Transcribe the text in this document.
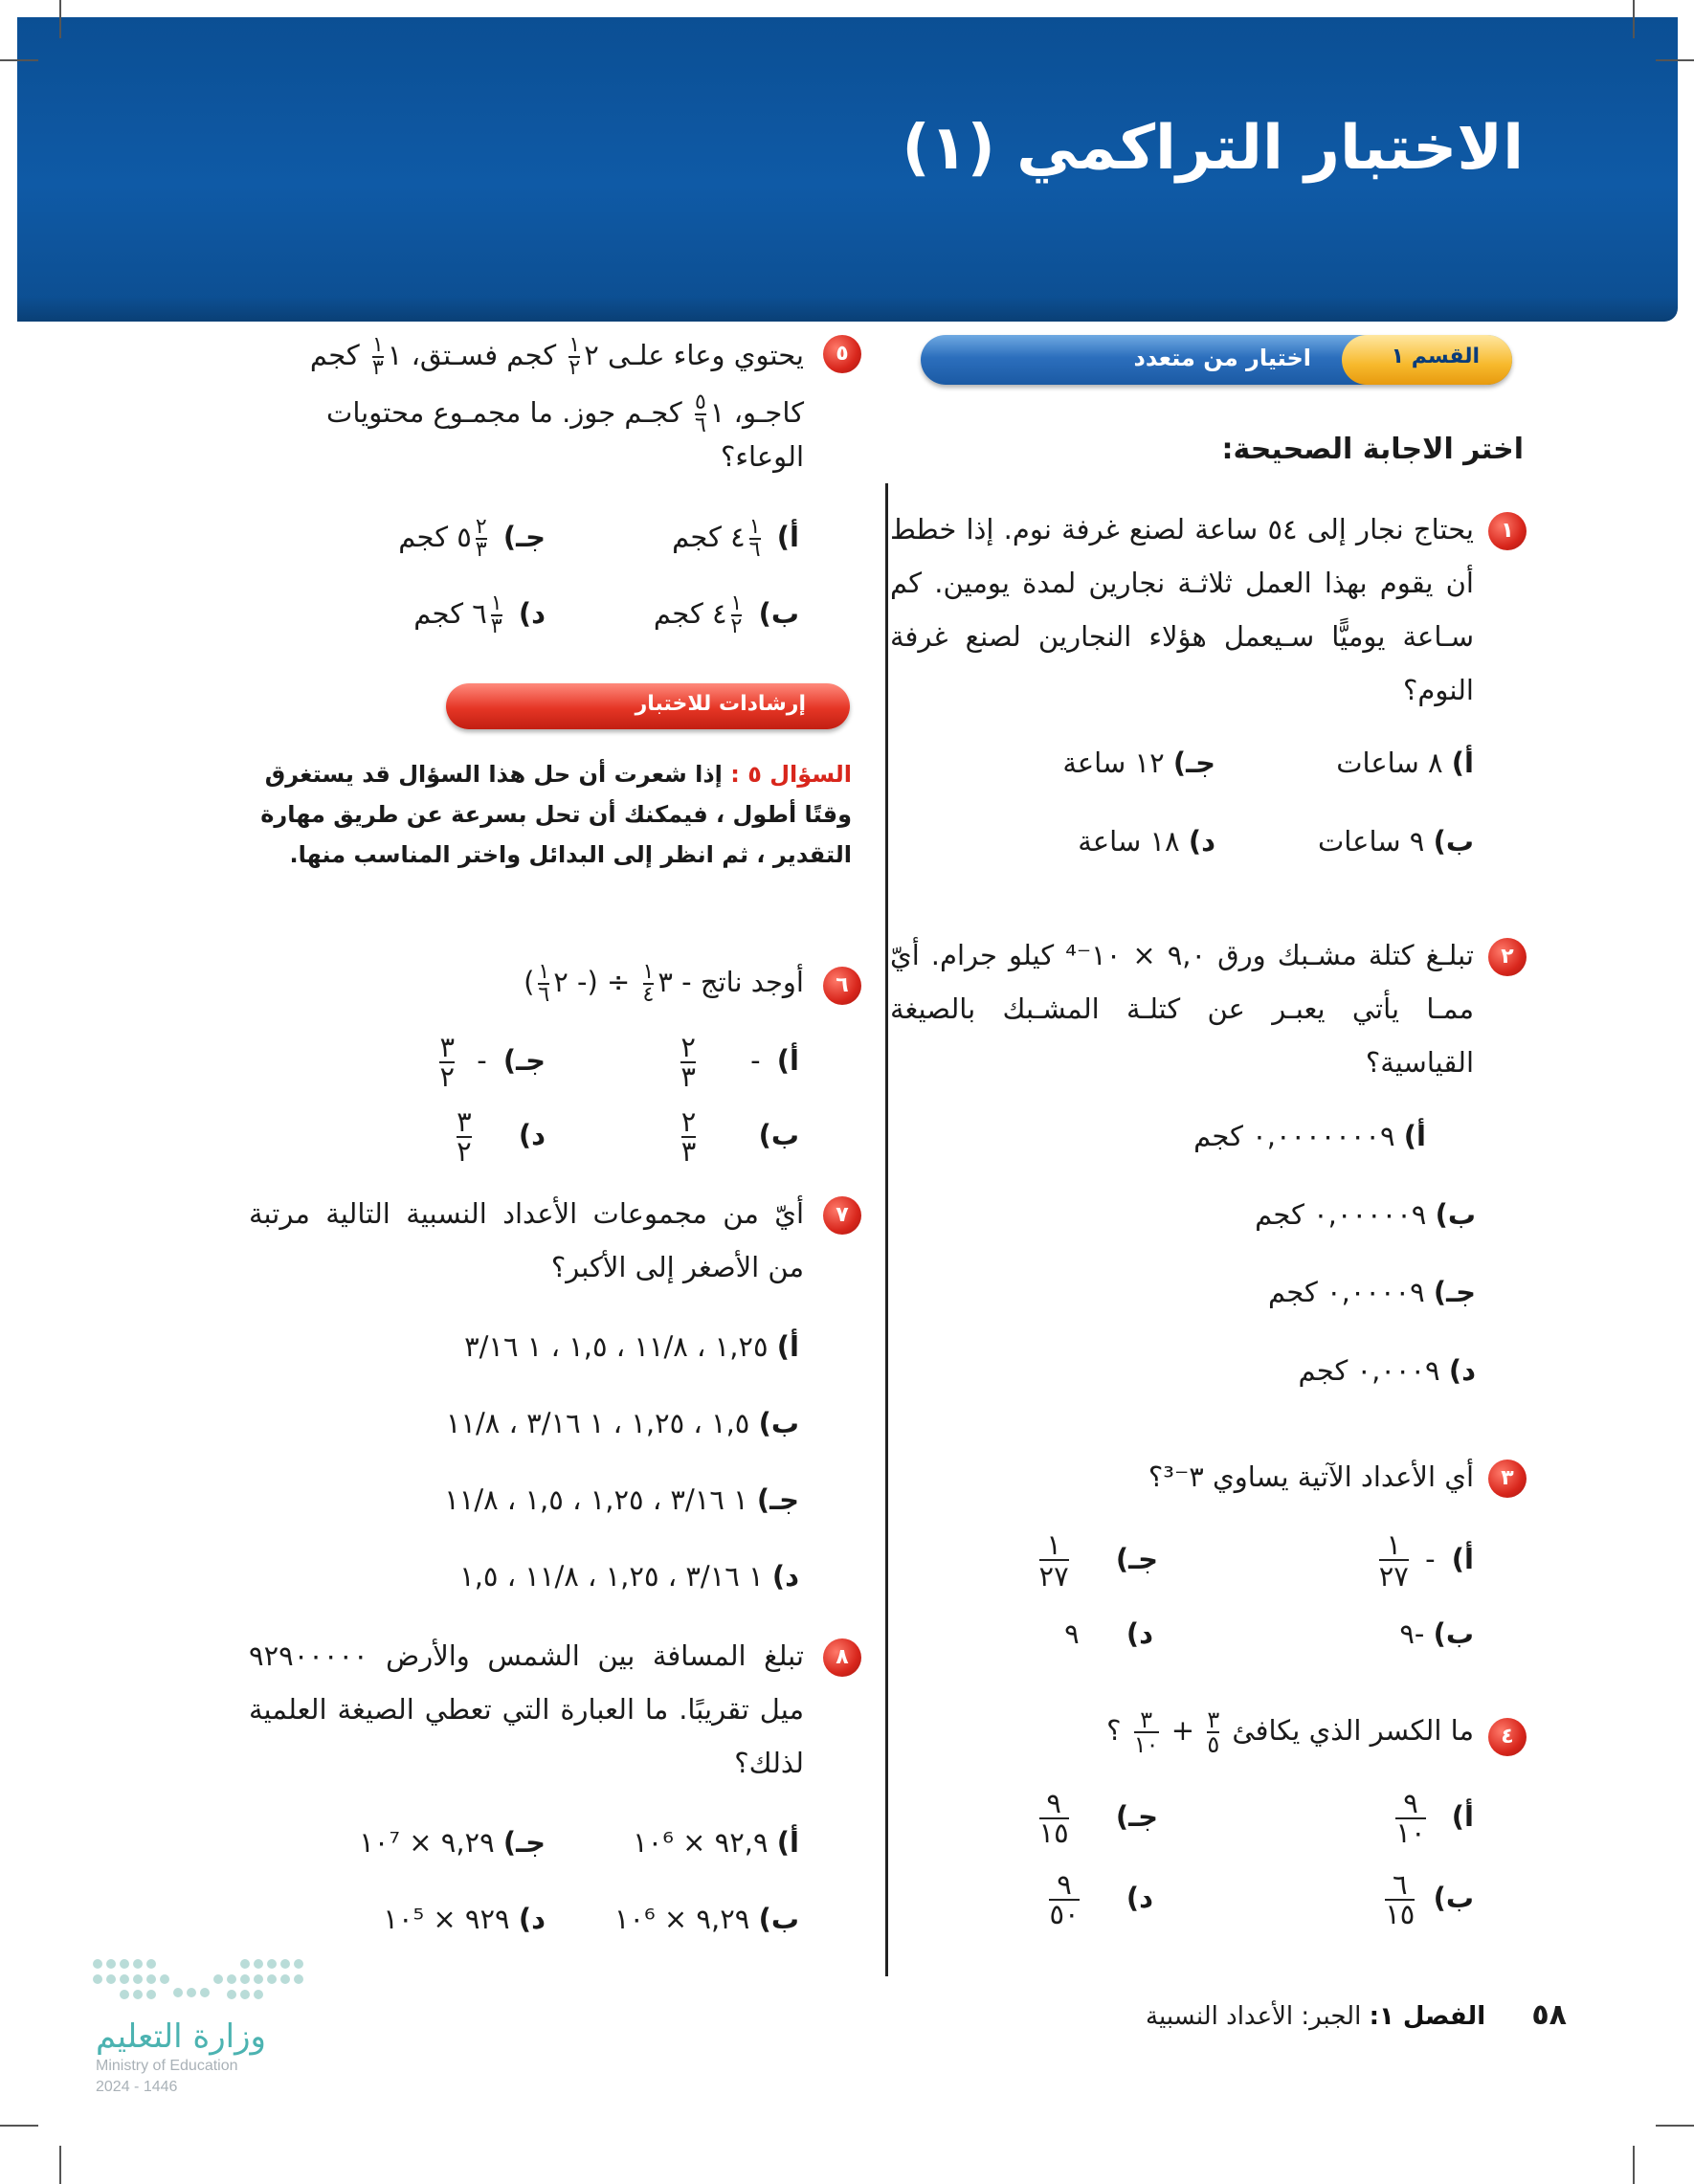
الاختبار التراكمي (١)
القسم ١
اختيار من متعدد
اختر الاجابة الصحيحة:
١
يحتاج نجار إلى ٥٤ ساعة لصنع غرفة نوم. إذا خطط أن يقوم بهذا العمل ثلاثـة نجارين لمدة يومين. كم سـاعة يوميًّا سـيعمل هؤلاء النجارين لصنع غرفة النوم؟
أ) ٨ ساعات
ب) ٩ ساعات
جـ) ١٢ ساعة
د) ١٨ ساعة
٢
تبلـغ كتلة مشـبك ورق ٩,٠ × ١٠⁻⁴ كيلو جرام. أيّ ممـا يأتي يعبـر عن كتلـة المشـبك بالصيغة القياسية؟
أ) ٠,٠٠٠٠٠٠٠٩ كجم
ب) ٠,٠٠٠٠٠٩ كجم
جـ) ٠,٠٠٠٠٩ كجم
د) ٠,٠٠٠٩ كجم
٣
أي الأعداد الآتية يساوي ٣⁻³؟
أ) -
١
٢٧
ب) -٩
جـ)
١
٢٧
د) ٩
٤
ما الكسر الذي يكافئ
٣
٥
+
٣
١٠
؟
أ)
٩
١٠
ب)
٦
١٥
جـ)
٩
١٥
د)
٩
٥٠
٥
يحتوي وعاء علـى ٢
١
٢
كجم فسـتق، ١
١
٣
كجم
كاجـو، ١
٥
٦
كجـم جوز. ما مجمـوع محتويات
الوعاء؟
أ)
١
٦
٤ كجم
ب)
١
٢
٤ كجم
جـ)
٢
٣
٥ كجم
د)
١
٣
٦ كجم
إرشادات للاختبار
السؤال ٥ : إذا شعرت أن حل هذا السؤال قد يستغرق وقتًا أطول ، فيمكنك أن تحل بسرعة عن طريق مهارة التقدير ، ثم انظر إلى البدائل واختر المناسب منها.
٦
أوجد ناتج - ٣
١
٤
÷ (- ٢
١
٦
)
أ) -
٢
٣
ب)
٢
٣
جـ) -
٣
٢
د)
٣
٢
٧
أيّ من مجموعات الأعداد النسبية التالية مرتبة من الأصغر إلى الأكبر؟
أ) ١,٢٥ ، ١١/٨ ، ١,٥ ، ١ ٣/١٦
ب) ١,٥ ، ١,٢٥ ، ١ ٣/١٦ ، ١١/٨
جـ) ١ ٣/١٦ ، ١,٢٥ ، ١,٥ ، ١١/٨
د) ١ ٣/١٦ ، ١,٢٥ ، ١١/٨ ، ١,٥
٨
تبلغ المسافة بين الشمس والأرض ٩٢٩٠٠٠٠٠ ميل تقريبًا. ما العبارة التي تعطي الصيغة العلمية لذلك؟
أ) ٩٢,٩ × ١٠⁶
ب) ٩,٢٩ × ١٠⁶
جـ) ٩,٢٩ × ١٠⁷
د) ٩٢٩ × ١٠⁵
وزارة التعليم
Ministry of Education
2024 - 1446
٥٨ الفصل ١: الجبر: الأعداد النسبية
